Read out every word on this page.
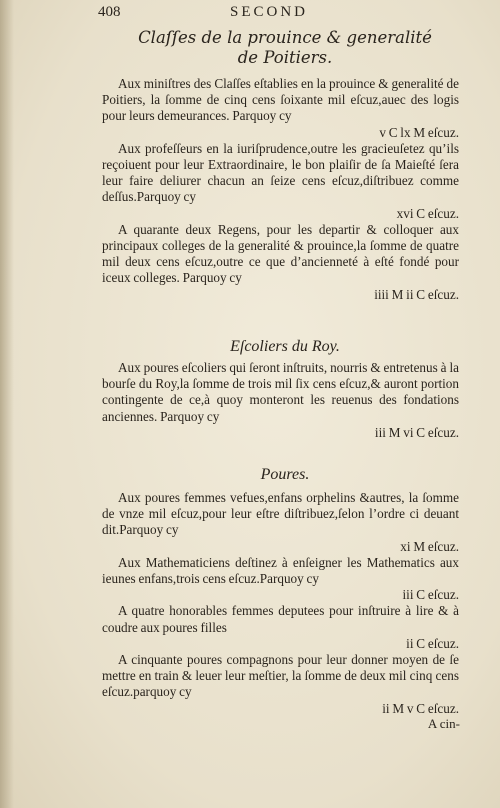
408	SECOND
Claſſes de la prouince & generalité
de Poitiers.
Aux miniſtres des Claſſes eſtablies en la prouince & generalité de Poitiers, la ſomme de cinq cens ſoixante mil eſcuz,auec des logis pour leurs demeurances. Parquoy cy
v C lx M eſcuz.
Aux profeſſeurs en la iuriſprudence,outre les gracieuſetez qu’ils reçoiuent pour leur Extraordinaire, le bon plaiſir de ſa Maieſté ſera leur faire deliurer chacun an ſeize cens eſcuz,diſtribuez comme deſſus.Parquoy cy
xvi C eſcuz.
A quarante deux Regens, pour les departir & colloquer aux principaux colleges de la generalité & prouince,la ſomme de quatre mil deux cens eſcuz,outre ce que d’ancienneté à eſté fondé pour iceux colleges. Parquoy cy
iiii M ii C eſcuz.
Eſcoliers du Roy.
Aux poures eſcoliers qui ſeront inſtruits, nourris & entretenus à la bourſe du Roy,la ſomme de trois mil ſix cens eſcuz,& auront portion contingente de ce,à quoy monteront les reuenus des fondations anciennes. Parquoy cy
iii M vi C eſcuz.
Poures.
Aux poures femmes vefues,enfans orphelins &autres, la ſomme de vnze mil eſcuz,pour leur eſtre diſtribuez,ſelon l’ordre ci deuant dit.Parquoy cy
xi M eſcuz.
Aux Mathematiciens deſtinez à enſeigner les Mathematics aux ieunes enfans,trois cens eſcuz.Parquoy cy
iii C eſcuz.
A quatre honorables femmes deputees pour inſtruire à lire & à coudre aux poures filles
ii C eſcuz.
A cinquante poures compagnons pour leur donner moyen de ſe mettre en train & leuer leur meſtier, la ſomme de deux mil cinq cens eſcuz.parquoy cy
ii M v C eſcuz.
A cin-
